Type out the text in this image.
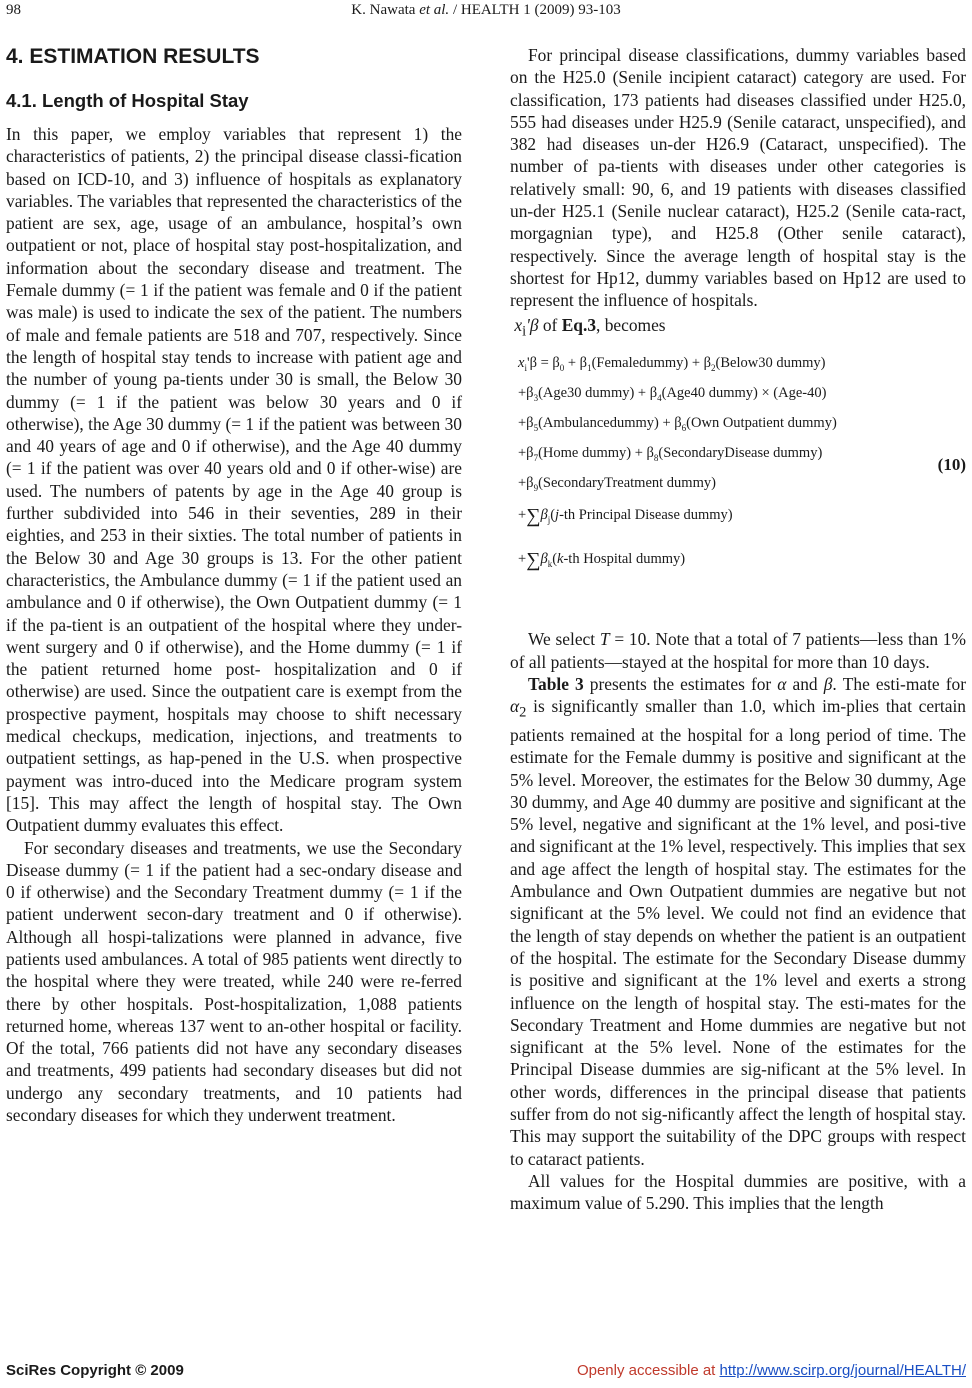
98	K. Nawata et al. / HEALTH 1 (2009) 93-103
4. ESTIMATION RESULTS
4.1. Length of Hospital Stay

In this paper, we employ variables that represent 1) the characteristics of patients, 2) the principal disease classi-fication based on ICD-10, and 3) influence of hospitals as explanatory variables. The variables that represented the characteristics of the patient are sex, age, usage of an ambulance, hospital’s own outpatient or not, place of hospital stay post-hospitalization, and information about the secondary disease and treatment. The Female dummy (= 1 if the patient was female and 0 if the patient was male) is used to indicate the sex of the patient. The numbers of male and female patients are 518 and 707, respectively. Since the length of hospital stay tends to increase with patient age and the number of young pa-tients under 30 is small, the Below 30 dummy (= 1 if the patient was below 30 years and 0 if otherwise), the Age 30 dummy (= 1 if the patient was between 30 and 40 years of age and 0 if otherwise), and the Age 40 dummy (= 1 if the patient was over 40 years old and 0 if other-wise) are used. The numbers of patents by age in the Age 40 group is further subdivided into 546 in their seventies, 289 in their eighties, and 253 in their sixties. The total number of patients in the Below 30 and Age 30 groups is 13. For the other patient characteristics, the Ambulance dummy (= 1 if the patient used an ambulance and 0 if otherwise), the Own Outpatient dummy (= 1 if the pa-tient is an outpatient of the hospital where they under-went surgery and 0 if otherwise), and the Home dummy (= 1 if the patient returned home post- hospitalization and 0 if otherwise) are used. Since the outpatient care is exempt from the prospective payment, hospitals may choose to shift necessary medical checkups, medication, injections, and treatments to outpatient settings, as hap-pened in the U.S. when prospective payment was intro-duced into the Medicare program system [15]. This may affect the length of hospital stay. The Own Outpatient dummy evaluates this effect.

For secondary diseases and treatments, we use the Secondary Disease dummy (= 1 if the patient had a sec-ondary disease and 0 if otherwise) and the Secondary Treatment dummy (= 1 if the patient underwent secon-dary treatment and 0 if otherwise). Although all hospi-talizations were planned in advance, five patients used ambulances. A total of 985 patients went directly to the hospital where they were treated, while 240 were re-ferred there by other hospitals. Post-hospitalization, 1,088 patients returned home, whereas 137 went to an-other hospital or facility. Of the total, 766 patients did not have any secondary diseases and treatments, 499 patients had secondary diseases but did not undergo any secondary treatments, and 10 patients had secondary diseases for which they underwent treatment.

For principal disease classifications, dummy variables based on the H25.0 (Senile incipient cataract) category are used. For classification, 173 patients had diseases classified under H25.0, 555 had diseases under H25.9 (Senile cataract, unspecified), and 382 had diseases un-der H26.9 (Cataract, unspecified). The number of pa-tients with diseases under other categories is relatively small: 90, 6, and 19 patients with diseases classified un-der H25.1 (Senile nuclear cataract), H25.2 (Senile cata-ract, morgagnian type), and H25.8 (Other senile cataract), respectively. Since the average length of hospital stay is the shortest for Hp12, dummy variables based on Hp12 are used to represent the influence of hospitals.

$x_i'\beta$ of Eq.3, becomes
$x_i'\beta = \beta_0$ + $\beta_1(Femaledummy)$ + $\beta_2(Below30$ dummy)
$+\beta_3(Age30$ dummy) + $\beta_4(Age40$ dummy) × (Age-40)
$+\beta_5(Ambulancedummy) + \beta_6(Own$ Outpatient dummy)
$+\beta_7(Home$ dummy) + $\beta_8(SecondaryDisease$ dummy)
$+\beta_9(SecondaryTreatment$ dummy)
$+\sum\beta_j(j-th$ Principal Disease dummy)
$+\sum\beta_k(k-th$ Hospital dummy)
(10)

We select T = 10. Note that a total of 7 patients—less than 1% of all patients—stayed at the hospital for more than 10 days.

Table 3 presents the estimates for α and β. The esti-mate for $\alpha_2$ is significantly smaller than 1.0, which im-plies that certain patients remained at the hospital for a long period of time. The estimate for the Female dummy is positive and significant at the 5% level. Moreover, the estimates for the Below 30 dummy, Age 30 dummy, and Age 40 dummy are positive and significant at the 5% level, negative and significant at the 1% level, and posi-tive and significant at the 1% level, respectively. This implies that sex and age affect the length of hospital stay. The estimates for the Ambulance and Own Outpatient dummies are negative but not significant at the 5% level. We could not find an evidence that the length of stay depends on whether the patient is an outpatient of the hospital. The estimate for the Secondary Disease dummy is positive and significant at the 1% level and exerts a strong influence on the length of hospital stay. The esti-mates for the Secondary Treatment and Home dummies are negative but not significant at the 5% level. None of the estimates for the Principal Disease dummies are sig-nificant at the 5% level. In other words, differences in the principal disease that patients suffer from do not sig-nificantly affect the length of hospital stay. This may support the suitability of the DPC groups with respect to cataract patients.

All values for the Hospital dummies are positive, with a maximum value of 5.290. This implies that the length

SciRes Copyright © 2009	Openly accessible at http://www.scirp.org/journal/HEALTH/
